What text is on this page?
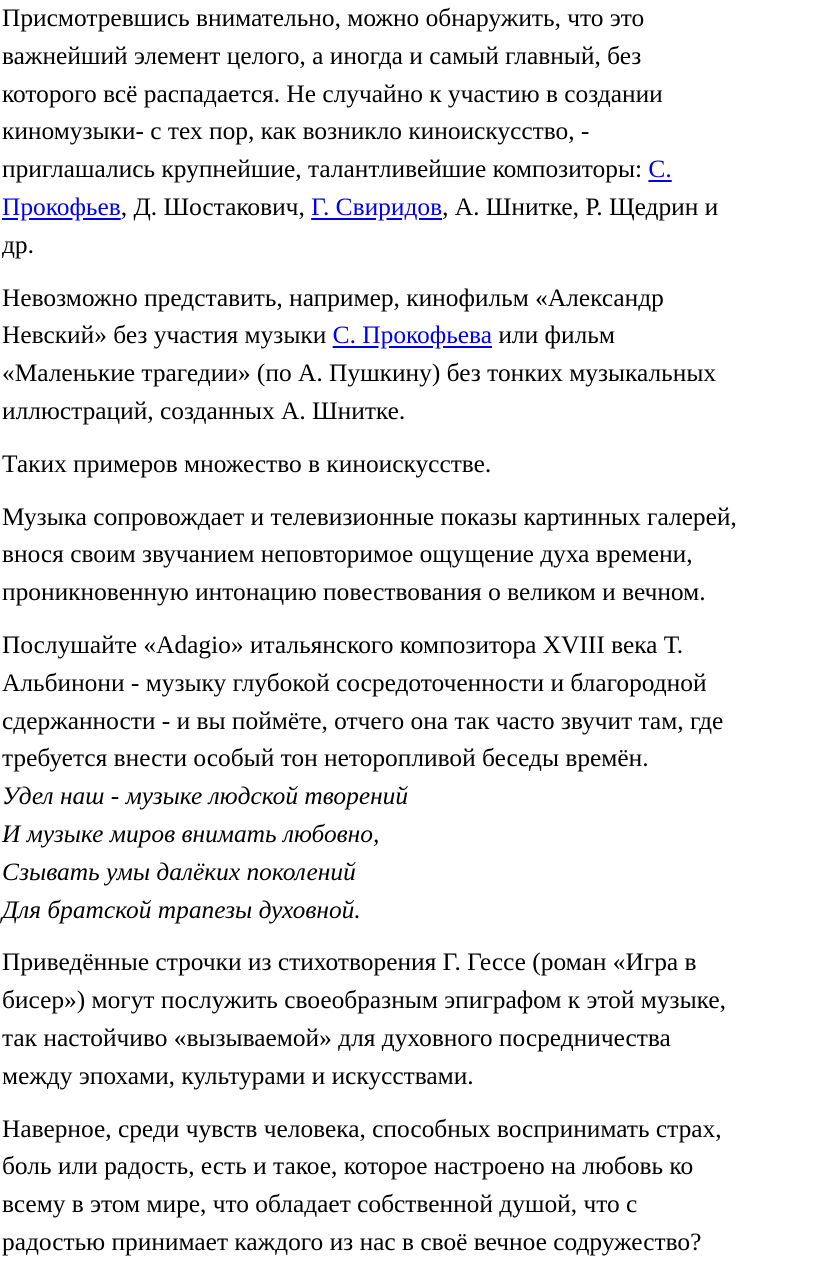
Присмотревшись внимательно, можно обнаружить, что это
важнейший элемент целого, а иногда и самый главный, без
которого всё распадается. Не случайно к участию в создании
киномузыки- с тех пор, как возникло киноискусство, -
приглашались крупнейшие, талантливейшие композиторы: С.
Прокофьев, Д. Шостакович, Г. Свиридов, А. Шнитке, Р. Щедрин и
др.

Невозможно представить, например, кинофильм «Александр
Невский» без участия музыки С. Прокофьева или фильм
«Маленькие трагедии» (по А. Пушкину) без тонких музыкальных
иллюстраций, созданных А. Шнитке.

Таких примеров множество в киноискусстве.

Музыка сопровождает и телевизионные показы картинных галерей,
внося своим звучанием неповторимое ощущение духа времени,
проникновенную интонацию повествования о великом и вечном.

Послушайте «Adagio» итальянского композитора XVIII века Т.
Альбинони - музыку глубокой сосредоточенности и благородной
сдержанности - и вы поймёте, отчего она так часто звучит там, где
требуется внести особый тон неторопливой беседы времён.

Удел наш - музыке людской творений
И музыке миров внимать любовно,
Сзывать умы далёких поколений
Для братской трапезы духовной.

Приведённые строчки из стихотворения Г. Гессе (роман «Игра в
бисер») могут послужить своеобразным эпиграфом к этой музыке,
так настойчиво «вызываемой» для духовного посредничества
между эпохами, культурами и искусствами.

Наверное, среди чувств человека, способных воспринимать страх,
боль или радость, есть и такое, которое настроено на любовь ко
всему в этом мире, что обладает собственной душой, что с
радостью принимает каждого из нас в своё вечное содружество?
